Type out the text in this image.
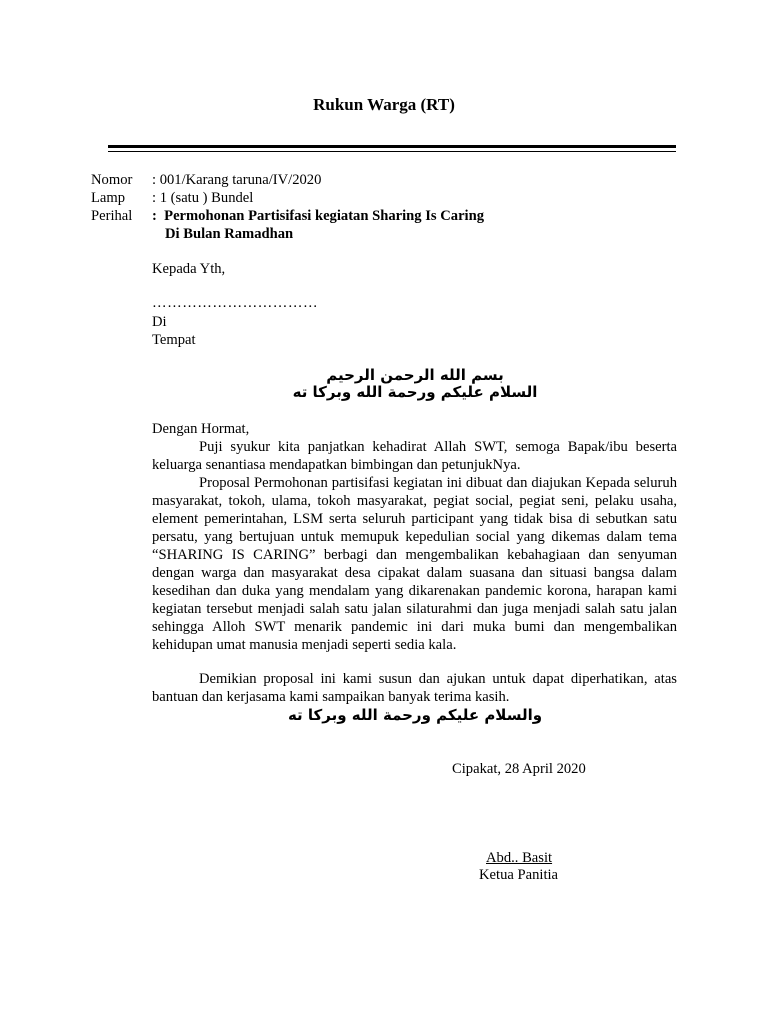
Rukun Warga (RT)
Nomor : 001/Karang taruna/IV/2020
Lamp : 1 (satu ) Bundel
Perihal :  Permohonan Partisifasi kegiatan Sharing Is Caring
Di Bulan Ramadhan
Kepada Yth,
……………………………
Di
Tempat
بسم الله الرحمن الرحيم
السلام عليكم ورحمة الله وبركا ته
Dengan Hormat,
Puji syukur kita panjatkan kehadirat Allah SWT, semoga Bapak/ibu beserta keluarga senantiasa mendapatkan bimbingan dan petunjukNya.
Proposal Permohonan partisifasi kegiatan ini dibuat dan diajukan Kepada seluruh masyarakat, tokoh, ulama, tokoh masyarakat, pegiat social, pegiat seni, pelaku usaha, element pemerintahan, LSM serta seluruh participant yang tidak bisa di sebutkan satu persatu, yang bertujuan untuk memupuk kepedulian social yang dikemas dalam tema “SHARING IS CARING” berbagi dan mengembalikan kebahagiaan dan senyuman dengan warga dan masyarakat desa cipakat dalam suasana dan situasi bangsa dalam kesedihan dan duka yang mendalam yang dikarenakan pandemic korona, harapan kami kegiatan tersebut menjadi salah satu jalan silaturahmi dan juga menjadi salah satu jalan sehingga Alloh SWT menarik pandemic ini dari muka bumi dan mengembalikan kehidupan umat manusia menjadi seperti sedia kala.
Demikian proposal ini kami susun dan ajukan untuk dapat diperhatikan, atas bantuan dan kerjasama kami sampaikan banyak terima kasih.
والسلام عليكم ورحمة الله وبركا ته
Cipakat, 28 April 2020
Abd.. Basit
Ketua Panitia
